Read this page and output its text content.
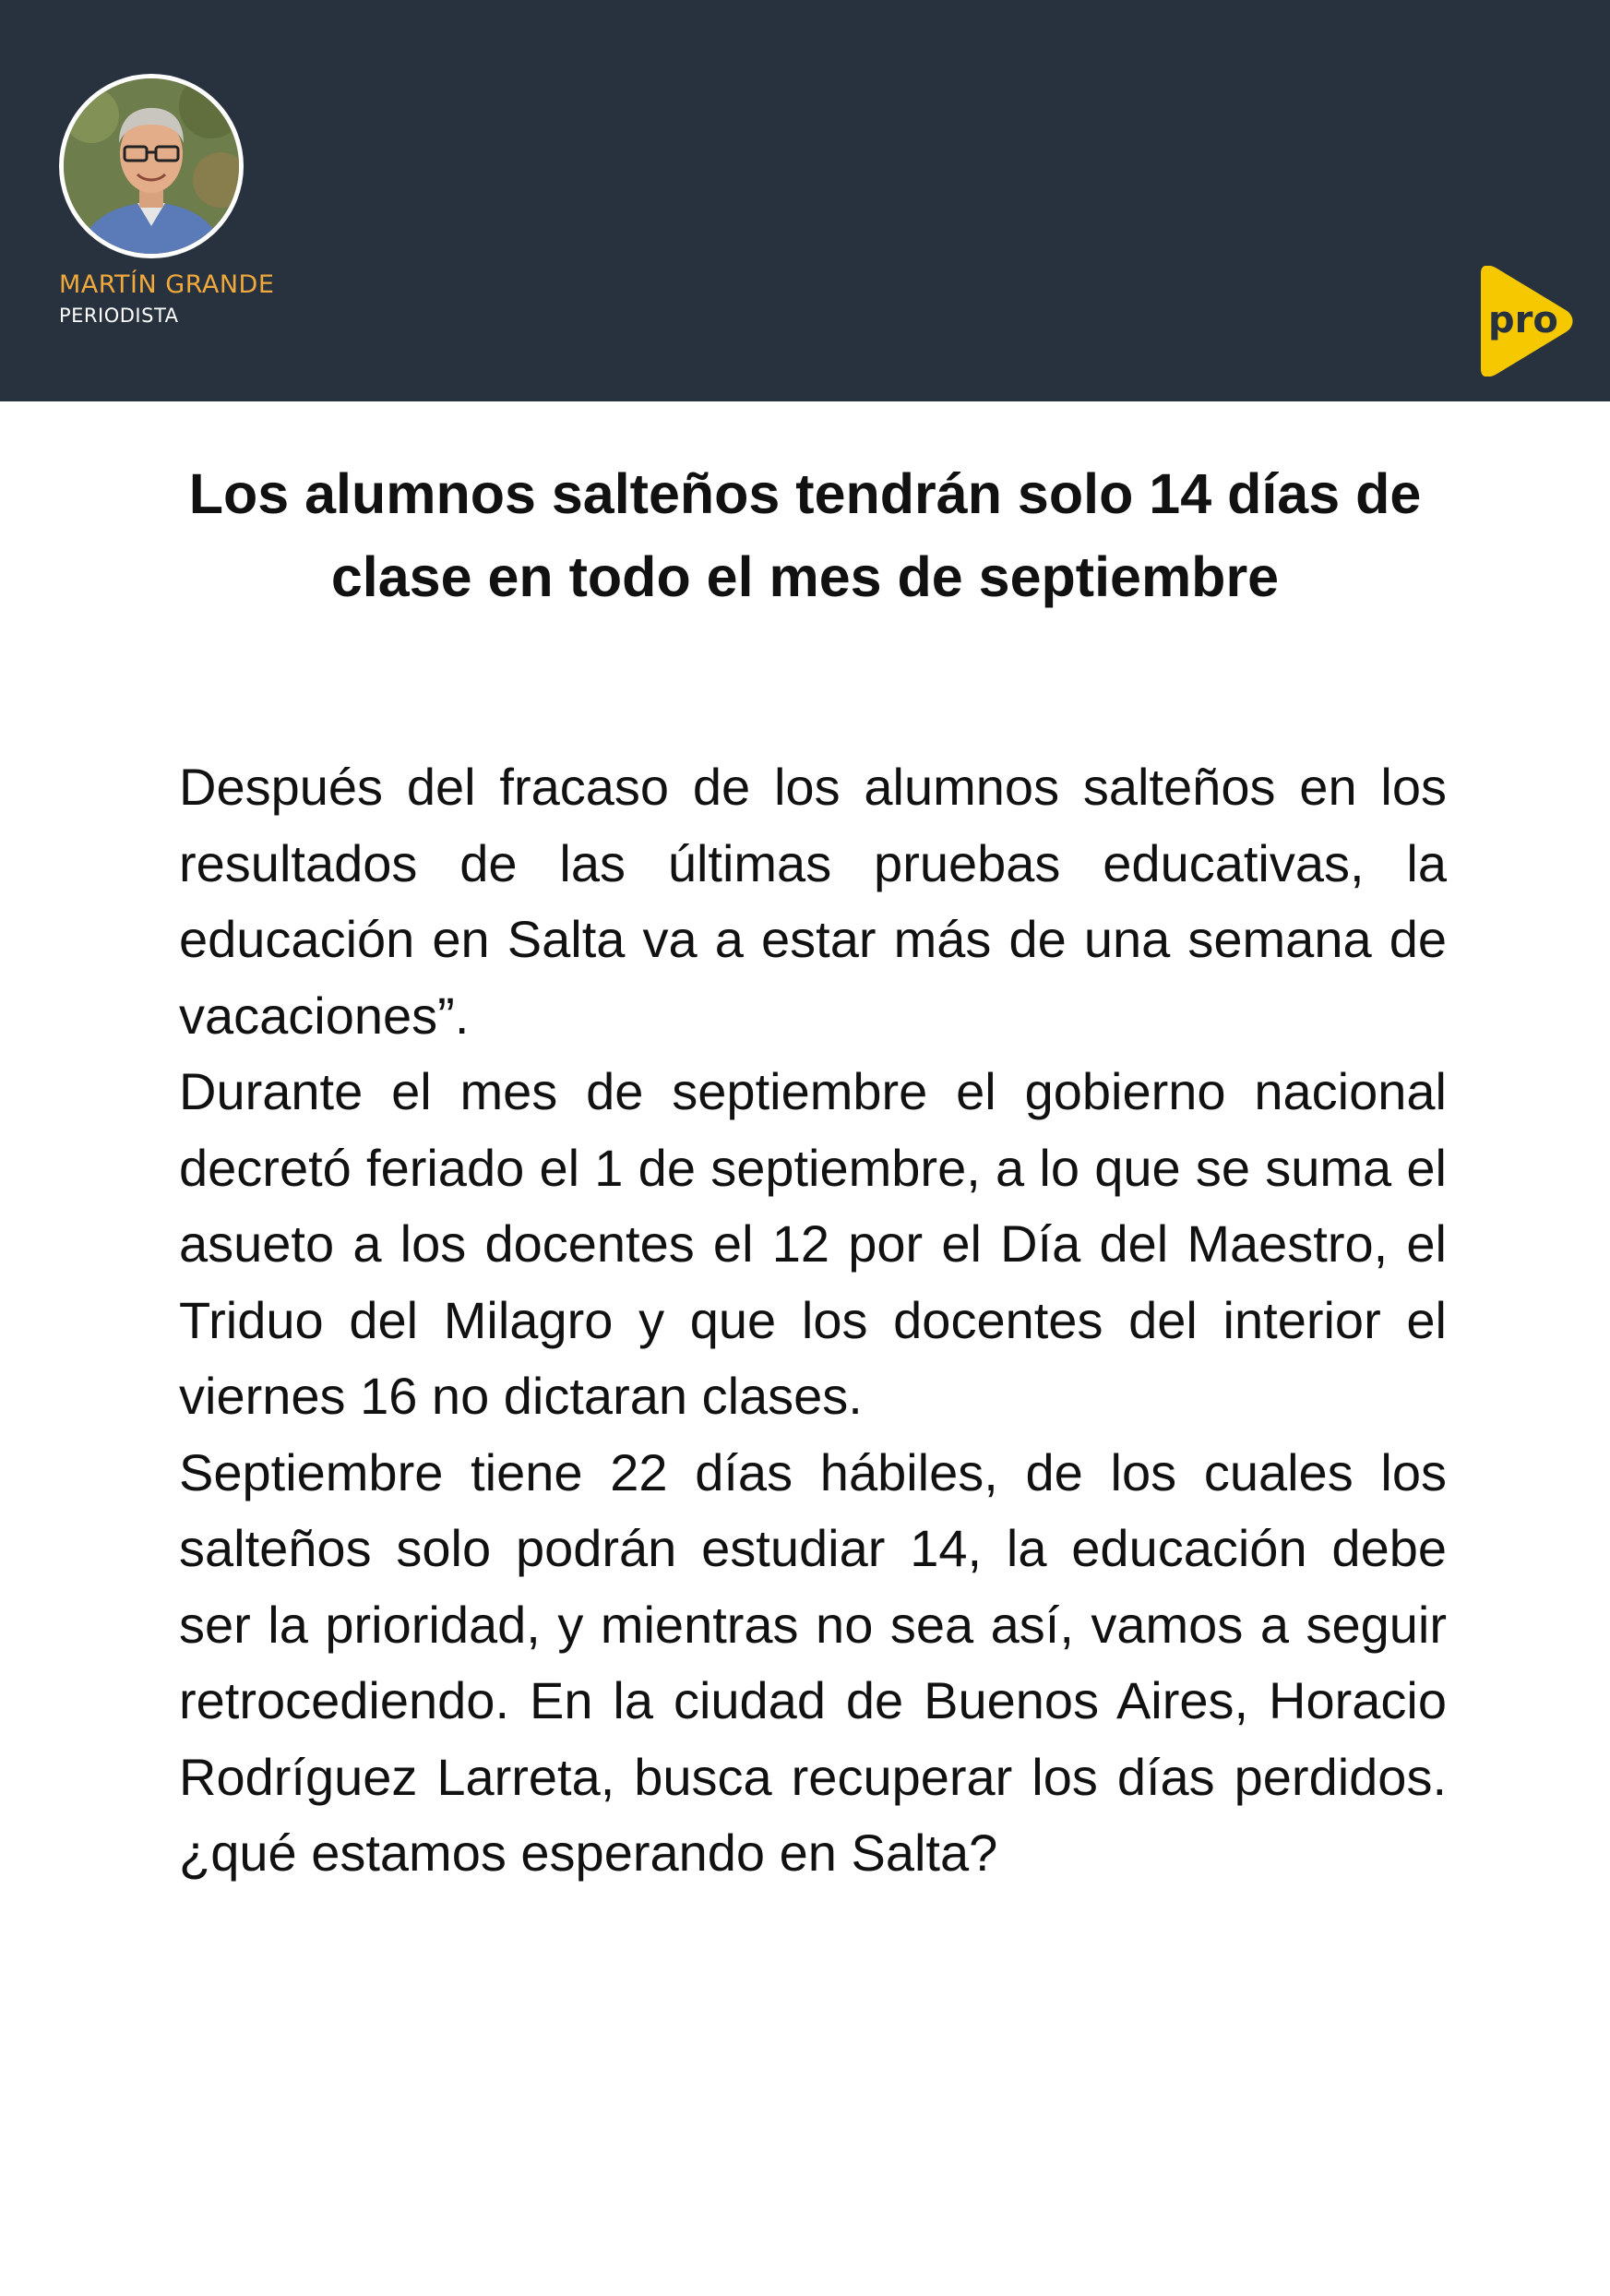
MARTÍN GRANDE
PERIODISTA	pro
Los alumnos salteños tendrán solo 14 días de clase en todo el mes de septiembre

Después del fracaso de los alumnos salteños en los resultados de las últimas pruebas educativas, la educación en Salta va a estar más de una semana de vacaciones”.

Durante el mes de septiembre el gobierno nacional decretó feriado el 1 de septiembre, a lo que se suma el asueto a los docentes el 12 por el Día del Maestro, el Triduo del Milagro y que los docentes del interior el viernes 16 no dictaran clases.

Septiembre tiene 22 días hábiles, de los cuales los salteños solo podrán estudiar 14, la educación debe ser la prioridad, y mientras no sea así, vamos a seguir retrocediendo. En la ciudad de Buenos Aires, Horacio Rodríguez Larreta, busca recuperar los días perdidos. ¿qué estamos esperando en Salta?
